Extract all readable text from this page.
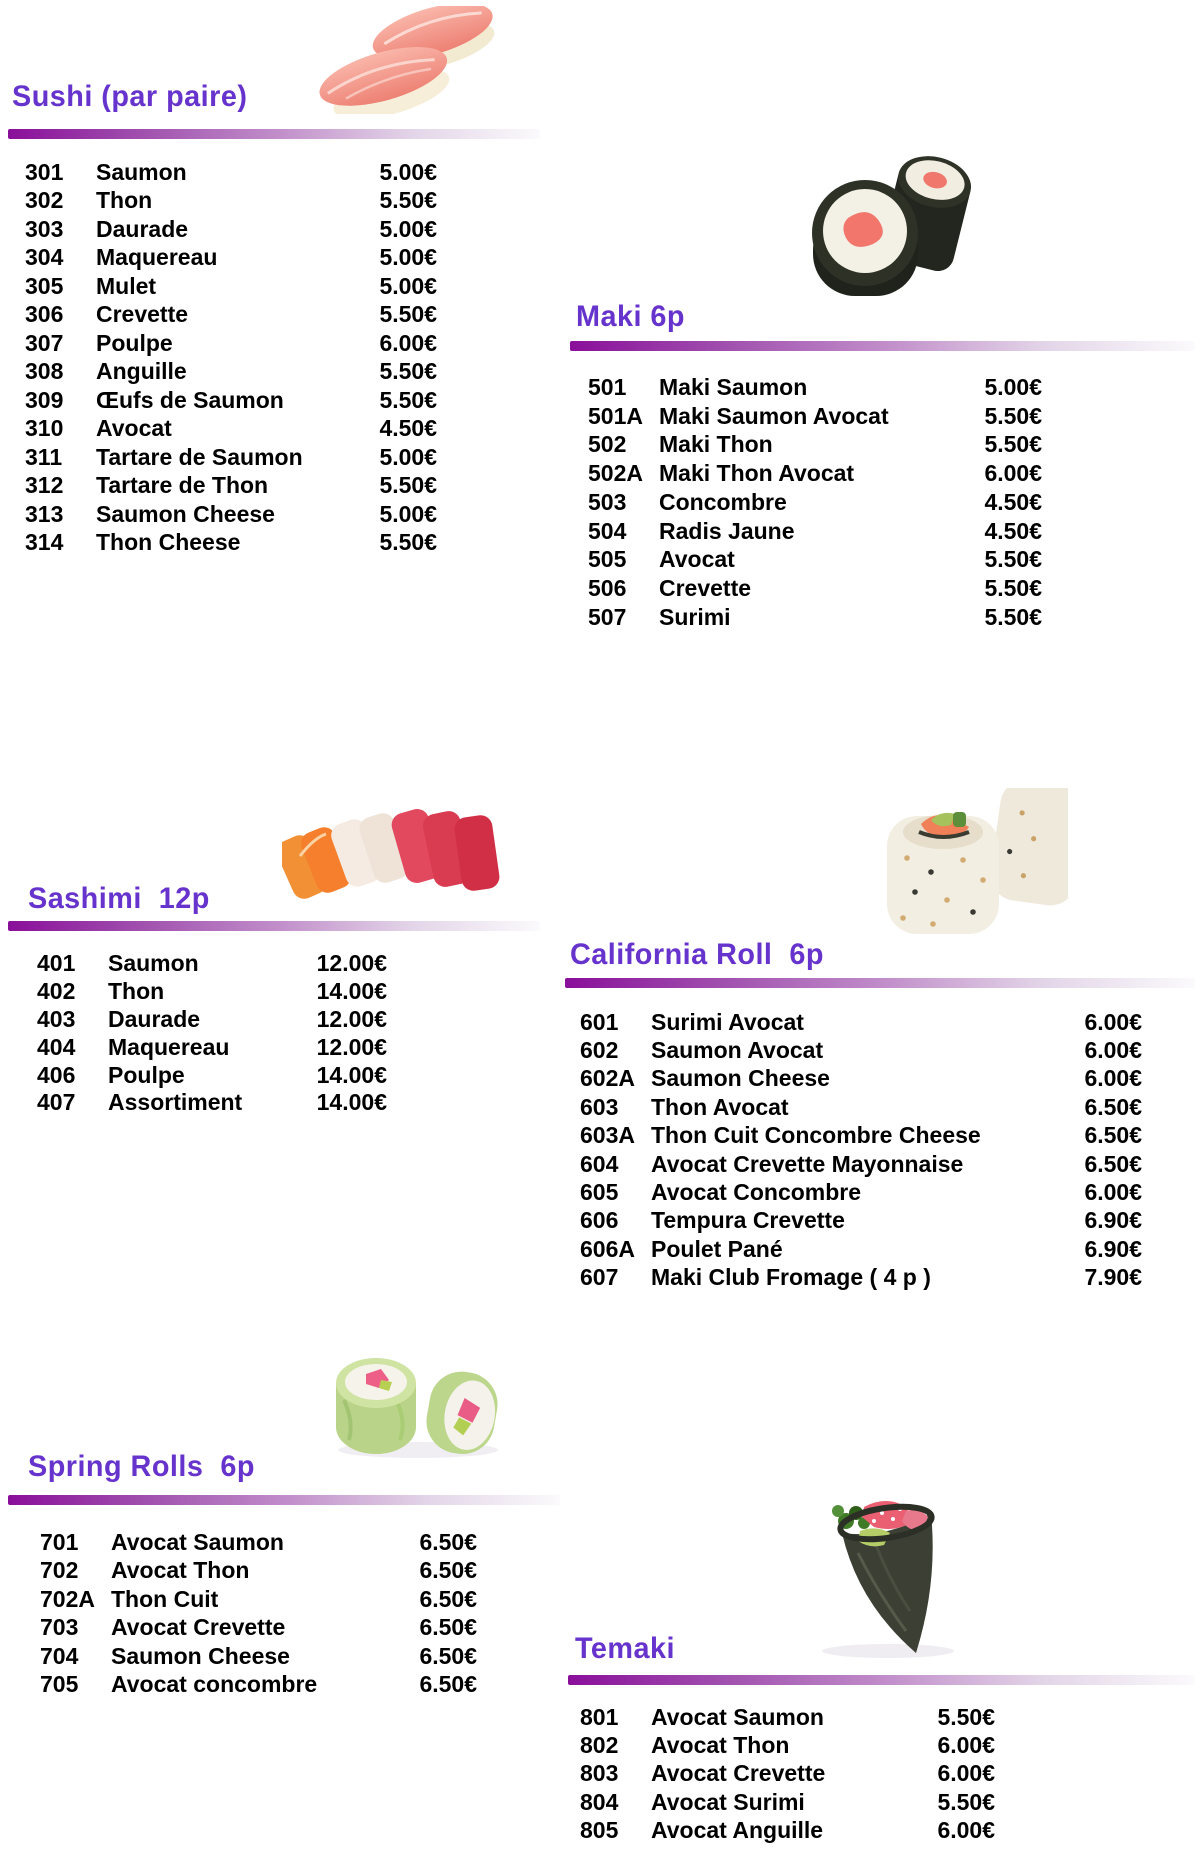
Sushi (par paire)
301	Saumon	5.00€
302	Thon	5.50€
303	Daurade	5.00€
304	Maquereau	5.00€
305	Mulet	5.00€
306	Crevette	5.50€
307	Poulpe	6.00€
308	Anguille	5.50€
309	Œufs de Saumon	5.50€
310	Avocat	4.50€
311	Tartare de Saumon	5.00€
312	Tartare de Thon	5.50€
313	Saumon Cheese	5.00€
314	Thon Cheese	5.50€
Maki 6p
501	Maki Saumon	5.00€
501A Maki Saumon Avocat	5.50€
502	Maki Thon	5.50€
502A Maki Thon Avocat	6.00€
503	Concombre	4.50€
504	Radis Jaune	4.50€
505	Avocat	5.50€
506	Crevette	5.50€
507	Surimi	5.50€
Sashimi  12p
401	Saumon	12.00€
402	Thon	14.00€
403	Daurade	12.00€
404	Maquereau	12.00€
406	Poulpe	14.00€
407	Assortiment	14.00€
California Roll  6p
601	Surimi Avocat	6.00€
602	Saumon Avocat	6.00€
602A Saumon Cheese	6.00€
603	Thon Avocat	6.50€
603A Thon Cuit Concombre Cheese	6.50€
604	Avocat Crevette Mayonnaise	6.50€
605	Avocat Concombre	6.00€
606	Tempura Crevette	6.90€
606A Poulet Pané	6.90€
607	Maki Club Fromage ( 4 p )	7.90€
Spring Rolls  6p
701	Avocat Saumon	6.50€
702	Avocat Thon	6.50€
702A Thon Cuit	6.50€
703	Avocat Crevette	6.50€
704	Saumon Cheese	6.50€
705	Avocat concombre	6.50€
Temaki
801	Avocat Saumon	5.50€
802	Avocat Thon	6.00€
803	Avocat Crevette	6.00€
804	Avocat Surimi	5.50€
805	Avocat Anguille	6.00€
